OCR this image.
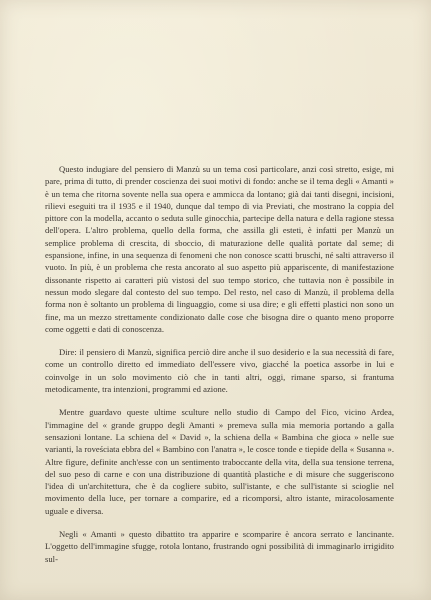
Questo indugiare del pensiero di Manzù su un tema così particolare, anzi così stretto, esige, mi pare, prima di tutto, di prender coscienza dei suoi motivi di fondo: anche se il tema degli « Amanti » è un tema che ritorna sovente nella sua opera e ammicca da lontano; già dai tanti disegni, incisioni, rilievi eseguiti tra il 1935 e il 1940, dunque dal tempo di via Previati, che mostrano la coppia del pittore con la modella, accanto o seduta sulle ginocchia, partecipe della natura e della ragione stessa dell'opera. L'altro problema, quello della forma, che assilla gli esteti, è infatti per Manzù un semplice problema di crescita, di sboccio, di maturazione delle qualità portate dal seme; di espansione, infine, in una sequenza di fenomeni che non conosce scatti bruschi, né salti attraverso il vuoto. In più, è un problema che resta ancorato al suo aspetto più appariscente, di manifestazione dissonante rispetto ai caratteri più vistosi del suo tempo storico, che tuttavia non è possibile in nessun modo slegare dal contesto del suo tempo. Del resto, nel caso di Manzù, il problema della forma non è soltanto un problema di linguaggio, come si usa dire; e gli effetti plastici non sono un fine, ma un mezzo strettamente condizionato dalle cose che bisogna dire o quanto meno proporre come oggetti e dati di conoscenza.

Dire: il pensiero di Manzù, significa perciò dire anche il suo desiderio e la sua necessità di fare, come un controllo diretto ed immediato dell'essere vivo, giacché la poetica assorbe in lui e coinvolge in un solo movimento ciò che in tanti altri, oggi, rimane sparso, si frantuma metodicamente, tra intenzioni, programmi ed azione.

Mentre guardavo queste ultime sculture nello studio di Campo del Fico, vicino Ardea, l'immagine del « grande gruppo degli Amanti » premeva sulla mia memoria portando a galla sensazioni lontane. La schiena del « David », la schiena della « Bambina che gioca » nelle sue varianti, la roveściata ebbra del « Bambino con l'anatra », le cosce tonde e tiepide della « Susanna ». Altre figure, definite anch'esse con un sentimento traboccante della vita, della sua tensione terrena, del suo peso di carne e con una distribuzione di quantità plastiche e di misure che suggeriscono l'idea di un'architettura, che è da cogliere subito, sull'istante, e che sull'istante si scioglie nel movimento della luce, per tornare a comparire, ed a ricomporsi, altro istante, miracolosamente uguale e diversa.

Negli « Amanti » questo dibattito tra apparire e scomparire è ancora serrato e lancinante. L'oggetto dell'immagine sfugge, rotola lontano, frustrando ogni possibilità di immaginarlo irrigidito sul-
